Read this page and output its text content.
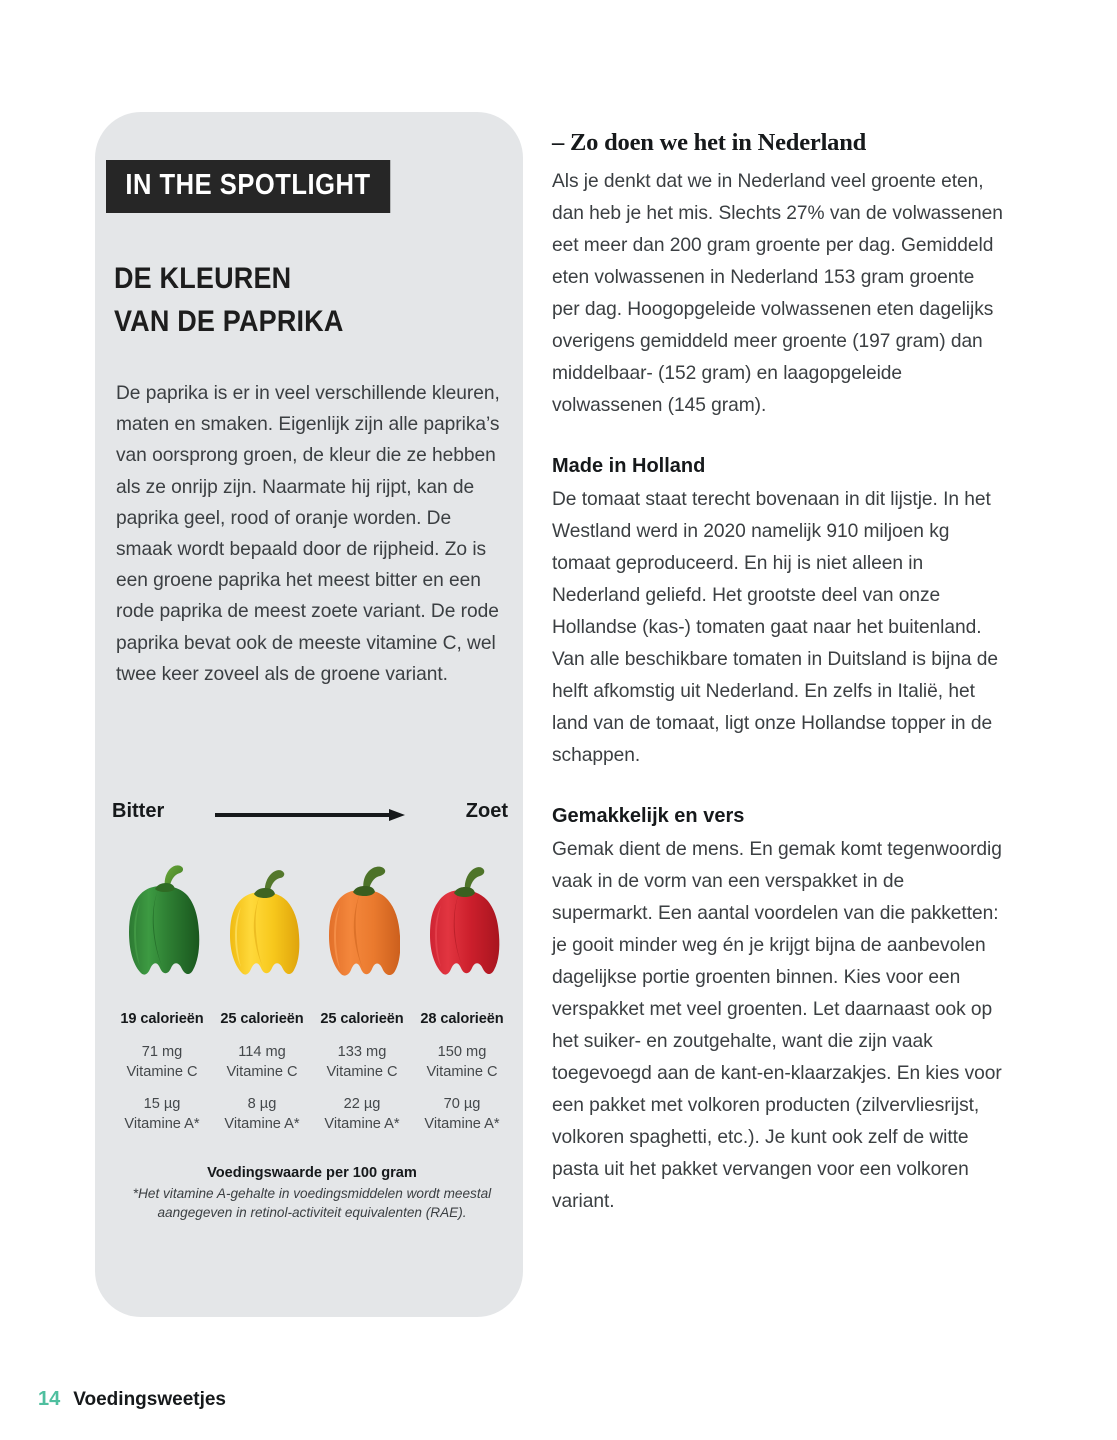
IN THE SPOTLIGHT
DE KLEUREN
VAN DE PAPRIKA
De paprika is er in veel verschillende kleuren, maten en smaken. Eigenlijk zijn alle paprika’s van oorsprong groen, de kleur die ze hebben als ze onrijp zijn. Naarmate hij rijpt, kan de paprika geel, rood of oranje worden. De smaak wordt bepaald door de rijpheid. Zo is een groene paprika het meest bitter en een rode paprika de meest zoete variant. De rode paprika bevat ook de meeste vitamine C, wel twee keer zoveel als de groene variant.
Bitter	Zoet
19 calorieën
71 mg
Vitamine C
15 µg
Vitamine A*
25 calorieën
114 mg
Vitamine C
8 µg
Vitamine A*
25 calorieën
133 mg
Vitamine C
22 µg
Vitamine A*
28 calorieën
150 mg
Vitamine C
70 µg
Vitamine A*
Voedingswaarde per 100 gram
*Het vitamine A-gehalte in voedingsmiddelen wordt meestal aangegeven in retinol-activiteit equivalenten (RAE).
– Zo doen we het in Nederland
Als je denkt dat we in Nederland veel groente eten, dan heb je het mis. Slechts 27% van de volwassenen eet meer dan 200 gram groente per dag. Gemiddeld eten volwassenen in Nederland 153 gram groente per dag. Hoogopgeleide volwassenen eten dagelijks overigens gemiddeld meer groente (197 gram) dan middelbaar- (152 gram) en laagopgeleide volwassenen (145 gram).
Made in Holland
De tomaat staat terecht bovenaan in dit lijstje. In het Westland werd in 2020 namelijk 910 miljoen kg tomaat geproduceerd. En hij is niet alleen in Nederland geliefd. Het grootste deel van onze Hollandse (kas-) tomaten gaat naar het buitenland. Van alle beschikbare tomaten in Duitsland is bijna de helft afkomstig uit Nederland. En zelfs in Italië, het land van de tomaat, ligt onze Hollandse topper in de schappen.
Gemakkelijk en vers
Gemak dient de mens. En gemak komt tegenwoordig vaak in de vorm van een verspakket in de supermarkt. Een aantal voordelen van die pakketten: je gooit minder weg én je krijgt bijna de aanbevolen dagelijkse portie groenten binnen. Kies voor een verspakket met veel groenten. Let daarnaast ook op het suiker- en zoutgehalte, want die zijn vaak toegevoegd aan de kant-en-klaarzakjes. En kies voor een pakket met volkoren producten (zilvervliesrijst, volkoren spaghetti, etc.). Je kunt ook zelf de witte pasta uit het pakket vervangen voor een volkoren variant.
14 Voedingsweetjes
